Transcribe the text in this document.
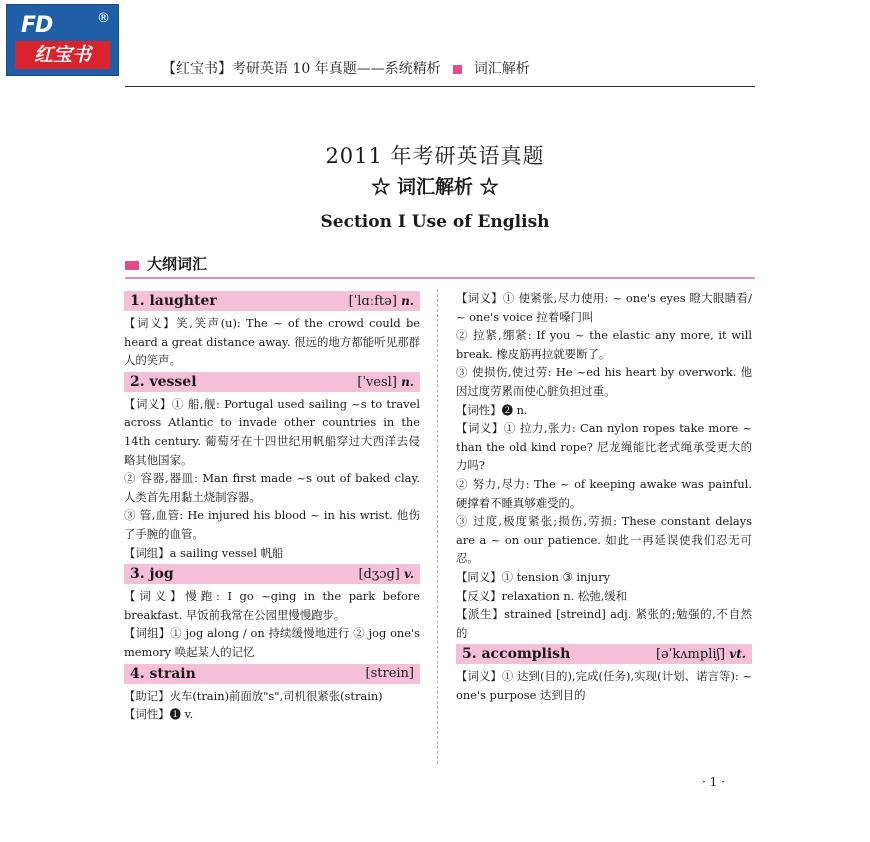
FD	®
红宝书
【红宝书】考研英语 10 年真题——系统精析 词汇解析
2011 年考研英语真题
☆ 词汇解析 ☆
Section I Use of English
大纲词汇
1. laughter	[ˈlɑːftə] n.

【词义】笑,笑声(u): The ~ of the crowd could be heard a great distance away. 很远的地方都能听见那群人的笑声。

2. vessel	[ˈvesl] n.

【词义】① 船,舰: Portugal used sailing ~s to travel across Atlantic to invade other countries in the 14th century. 葡萄牙在十四世纪用帆船穿过大西洋去侵略其他国家。

② 容器,器皿: Man first made ~s out of baked clay. 人类首先用黏土烧制容器。

③ 管,血管: He injured his blood ~ in his wrist. 他伤了手腕的血管。

【词组】a sailing vessel 帆船

3. jog	[dʒɔg] v.

【词义】慢跑: I go ~ging in the park before breakfast. 早饭前我常在公园里慢慢跑步。

【词组】① jog along / on 持续缓慢地进行 ② jog one's memory 唤起某人的记忆

4. strain	[strein]

【助记】火车(train)前面放"s",司机很紧张(strain)

【词性】❶ v.

【词义】① 使紧张,尽力使用: ~ one's eyes 瞪大眼睛看/ ~ one's voice 拉着嗓门叫

② 拉紧,绷紧: If you ~ the elastic any more, it will break. 橡皮筋再拉就要断了。

③ 使损伤,使过劳: He ~ed his heart by overwork. 他因过度劳累而使心脏负担过重。

【词性】❷ n.

【词义】① 拉力,张力: Can nylon ropes take more ~ than the old kind rope? 尼龙绳能比老式绳承受更大的力吗?

② 努力,尽力: The ~ of keeping awake was painful. 硬撑着不睡真够难受的。

③ 过度,极度紧张;损伤,劳损: These constant delays are a ~ on our patience. 如此一再延误使我们忍无可忍。

【同义】① tension ③ injury

【反义】relaxation n. 松弛,缓和

【派生】strained [streind] adj. 紧张的;勉强的,不自然的

5. accomplish	[əˈkʌmpliʃ] vt.

【词义】① 达到(目的),完成(任务),实现(计划、诺言等): ~ one's purpose 达到目的

· 1 ·
